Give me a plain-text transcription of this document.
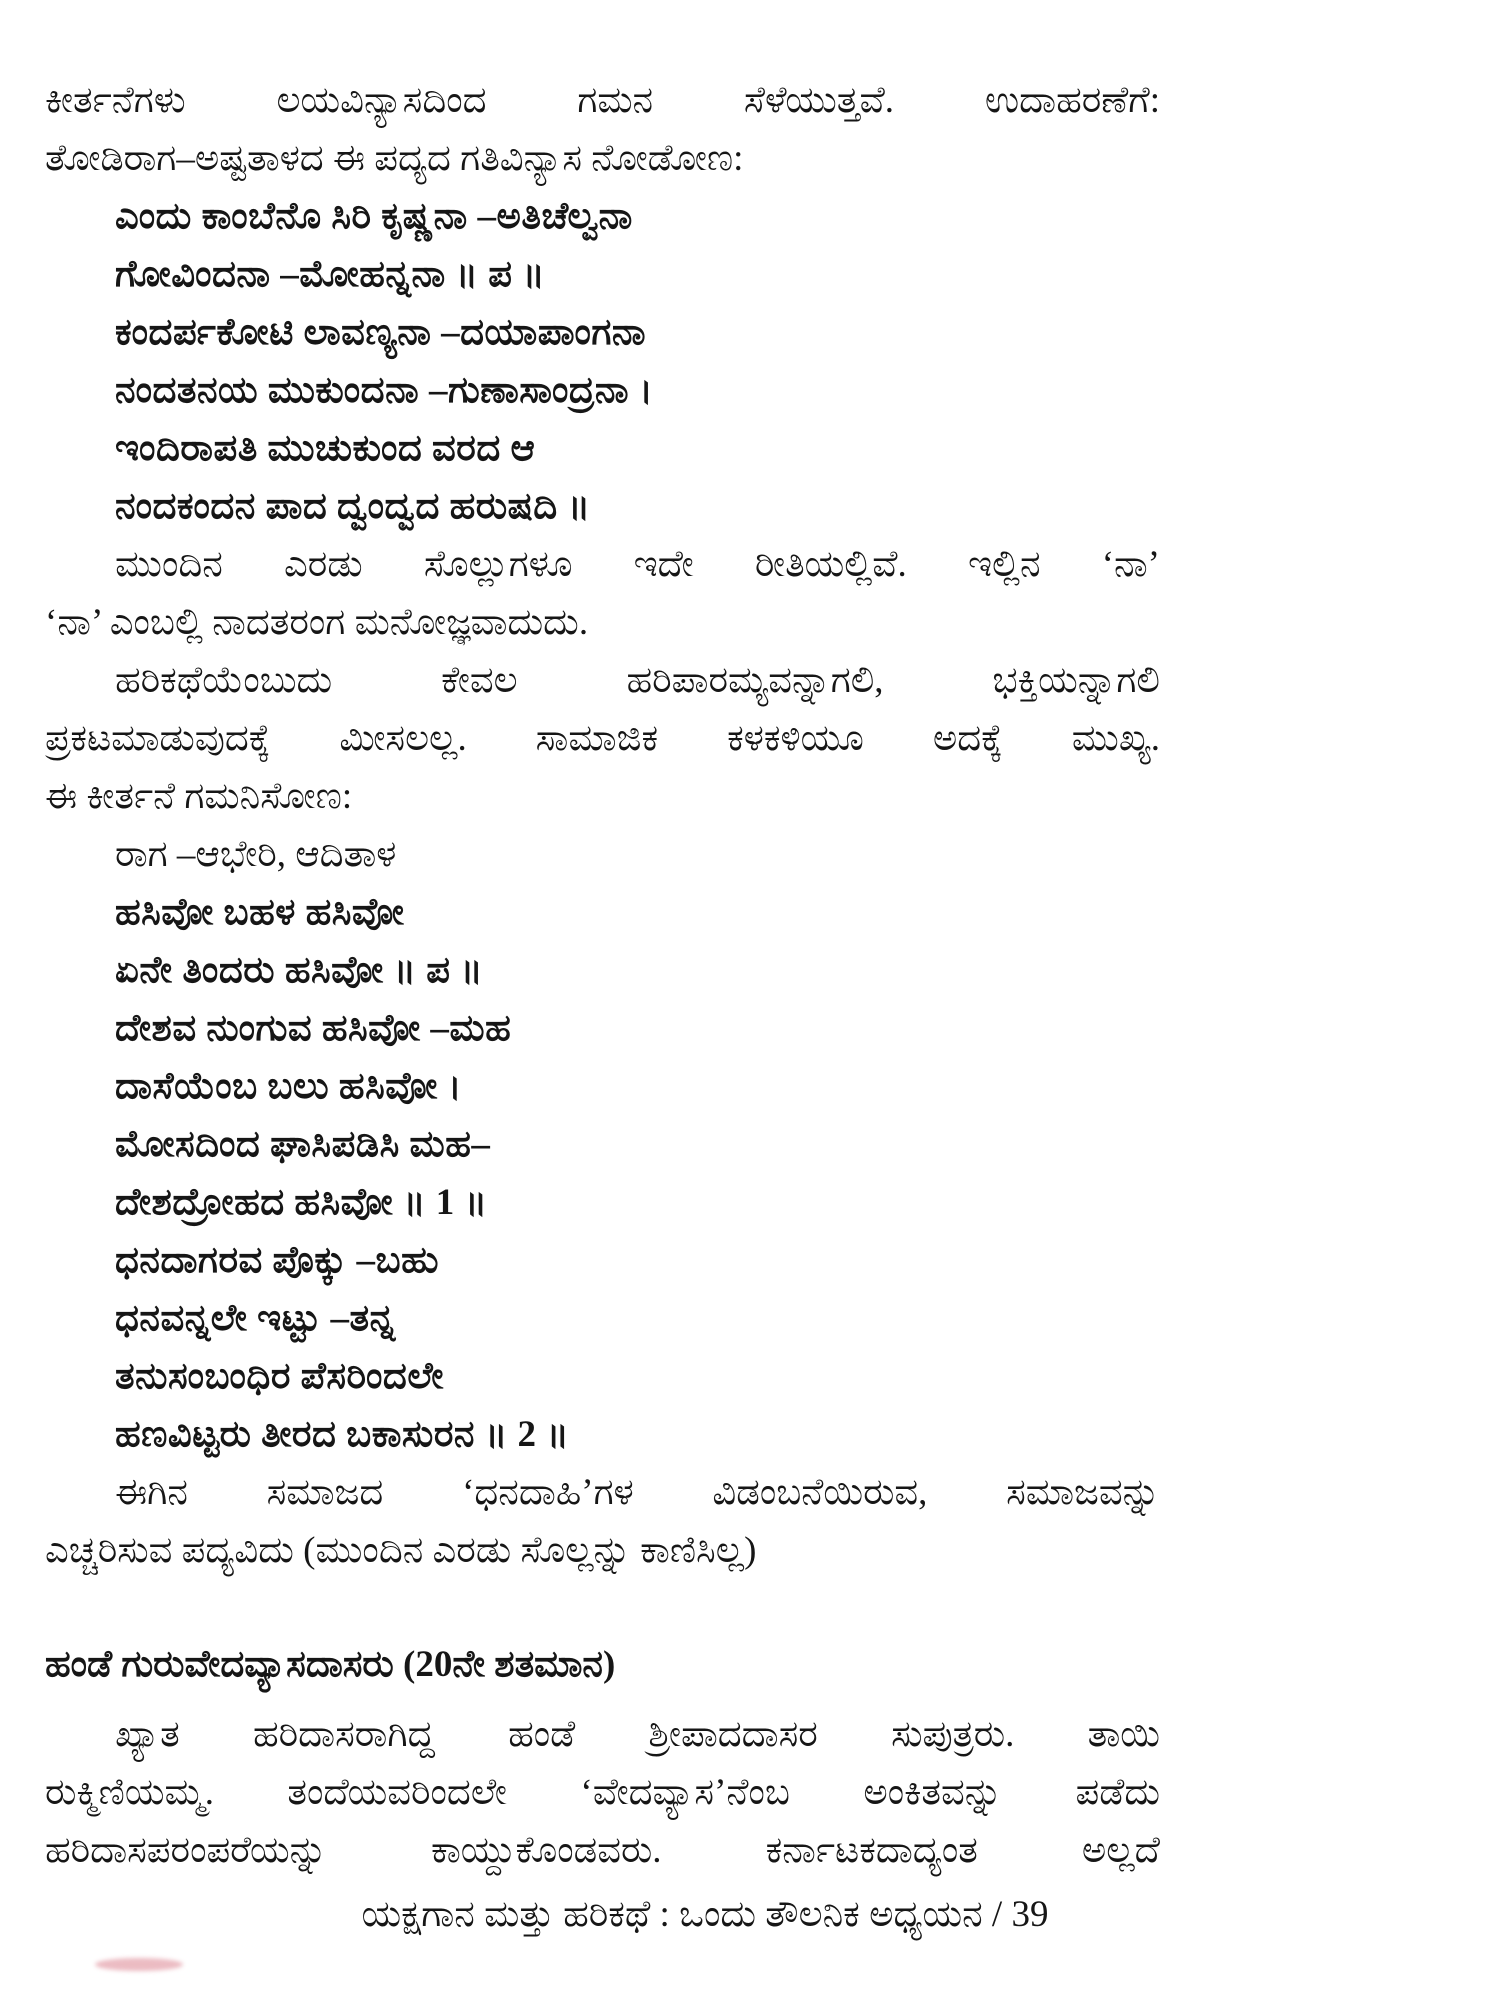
ಕೀರ್ತನೆಗಳು ಲಯವಿನ್ಯಾಸದಿಂದ ಗಮನ ಸೆಳೆಯುತ್ತವೆ. ಉದಾಹರಣೆಗೆ:
ತೋಡಿರಾಗ–ಅಷ್ಟತಾಳದ ಈ ಪದ್ಯದ ಗತಿವಿನ್ಯಾಸ ನೋಡೋಣ:
ಎಂದು ಕಾಂಬೆನೊ ಸಿರಿ ಕೃಷ್ಣನಾ –ಅತಿಚೆಲ್ವನಾ
ಗೋವಿಂದನಾ –ಮೋಹನ್ನನಾ ॥ ಪ ॥
ಕಂದರ್ಪಕೋಟಿ ಲಾವಣ್ಯನಾ –ದಯಾಪಾಂಗನಾ
ನಂದತನಯ ಮುಕುಂದನಾ –ಗುಣಾಸಾಂದ್ರನಾ ।
ಇಂದಿರಾಪತಿ ಮುಚುಕುಂದ ವರದ ಆ
ನಂದಕಂದನ ಪಾದ ದ್ವಂದ್ವದ ಹರುಷದಿ ॥
ಮುಂದಿನ ಎರಡು ಸೊಲ್ಲುಗಳೂ ಇದೇ ರೀತಿಯಲ್ಲಿವೆ. ಇಲ್ಲಿನ ‘ನಾ’
‘ನಾ’ ಎಂಬಲ್ಲಿ ನಾದತರಂಗ ಮನೋಜ್ಞವಾದುದು.
ಹರಿಕಥೆಯೆಂಬುದು ಕೇವಲ ಹರಿಪಾರಮ್ಯವನ್ನಾಗಲಿ, ಭಕ್ತಿಯನ್ನಾಗಲಿ
ಪ್ರಕಟಮಾಡುವುದಕ್ಕೆ ಮೀಸಲಲ್ಲ. ಸಾಮಾಜಿಕ ಕಳಕಳಿಯೂ ಅದಕ್ಕೆ ಮುಖ್ಯ.
ಈ ಕೀರ್ತನೆ ಗಮನಿಸೋಣ:
ರಾಗ –ಆಭೇರಿ, ಆದಿತಾಳ
ಹಸಿವೋ ಬಹಳ ಹಸಿವೋ
ಏನೇ ತಿಂದರು ಹಸಿವೋ ॥ ಪ ॥
ದೇಶವ ನುಂಗುವ ಹಸಿವೋ –ಮಹ
ದಾಸೆಯೆಂಬ ಬಲು ಹಸಿವೋ ।
ಮೋಸದಿಂದ ಘಾಸಿಪಡಿಸಿ ಮಹ–
ದೇಶದ್ರೋಹದ ಹಸಿವೋ ॥ 1 ॥
ಧನದಾಗರವ ಪೊಕ್ಕು –ಬಹು
ಧನವನ್ನಲೇ ಇಟ್ಟು –ತನ್ನ
ತನುಸಂಬಂಧಿರ ಪೆಸರಿಂದಲೇ
ಹಣವಿಟ್ಟರು ತೀರದ ಬಕಾಸುರನ ॥ 2 ॥
ಈಗಿನ ಸಮಾಜದ ‘ಧನದಾಹಿ’ಗಳ ವಿಡಂಬನೆಯಿರುವ, ಸಮಾಜವನ್ನು
ಎಚ್ಚರಿಸುವ ಪದ್ಯವಿದು (ಮುಂದಿನ ಎರಡು ಸೊಲ್ಲನ್ನು ಕಾಣಿಸಿಲ್ಲ)
ಹಂಡೆ ಗುರುವೇದವ್ಯಾಸದಾಸರು (20ನೇ ಶತಮಾನ)
ಖ್ಯಾತ ಹರಿದಾಸರಾಗಿದ್ದ ಹಂಡೆ ಶ್ರೀಪಾದದಾಸರ ಸುಪುತ್ರರು. ತಾಯಿ
ರುಕ್ಮಿಣಿಯಮ್ಮ. ತಂದೆಯವರಿಂದಲೇ ‘ವೇದವ್ಯಾಸ’ನೆಂಬ ಅಂಕಿತವನ್ನು ಪಡೆದು
ಹರಿದಾಸಪರಂಪರೆಯನ್ನು ಕಾಯ್ದುಕೊಂಡವರು. ಕರ್ನಾಟಕದಾದ್ಯಂತ ಅಲ್ಲದೆ
ಯಕ್ಷಗಾನ ಮತ್ತು ಹರಿಕಥೆ : ಒಂದು ತೌಲನಿಕ ಅಧ್ಯಯನ / 39
